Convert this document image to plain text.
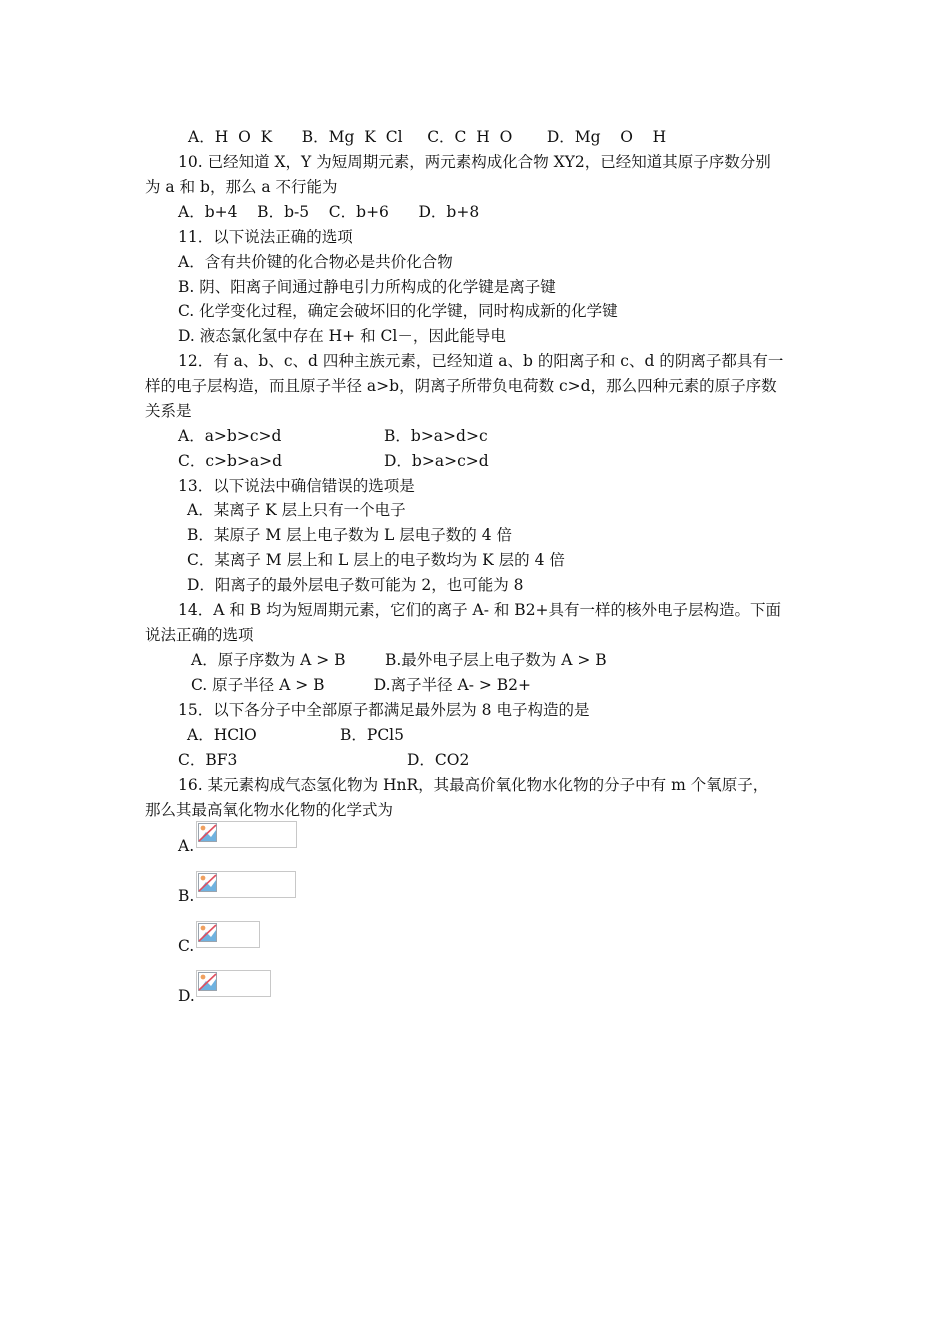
A．H  O  K      B．Mg  K  Cl     C．C  H  O       D．Mg    O    H
10. 已经知道 X，Y 为短周期元素，两元素构成化合物 XY2，已经知道其原子序数分别
为 a 和 b，那么 a 不行能为
A．b+4    B．b-5    C．b+6      D．b+8
11．以下说法正确的选项
A．含有共价键的化合物必是共价化合物
B. 阴、阳离子间通过静电引力所构成的化学键是离子键
C. 化学变化过程，确定会破坏旧的化学键，同时构成新的化学键
D. 液态氯化氢中存在 H+ 和 Cl－，因此能导电
12．有 a、b、c、d 四种主族元素，已经知道 a、b 的阳离子和 c、d 的阴离子都具有一
样的电子层构造，而且原子半径 a>b，阴离子所带负电荷数 c>d，那么四种元素的原子序数
关系是
A．a>b>c>d	B．b>a>d>c
C．c>b>a>d	D．b>a>c>d
13．以下说法中确信错误的选项是
A．某离子 K 层上只有一个电子
B．某原子 M 层上电子数为 L 层电子数的 4 倍
C．某离子 M 层上和 L 层上的电子数均为 K 层的 4 倍
D．阳离子的最外层电子数可能为 2，也可能为 8
14．A 和 B 均为短周期元素，它们的离子 A- 和 B2+具有一样的核外电子层构造。下面
说法正确的选项
A．原子序数为 A > B        B.最外电子层上电子数为 A > B
C. 原子半径 A > B          D.离子半径 A- > B2+
15．以下各分子中全部原子都满足最外层为 8 电子构造的是
A．HClO	B．PCl5
C．BF3	D．CO2
16. 某元素构成气态氢化物为 HnR，其最高价氧化物水化物的分子中有 m 个氧原子，
那么其最高氧化物水化物的化学式为
A.
B.
C.
D.
